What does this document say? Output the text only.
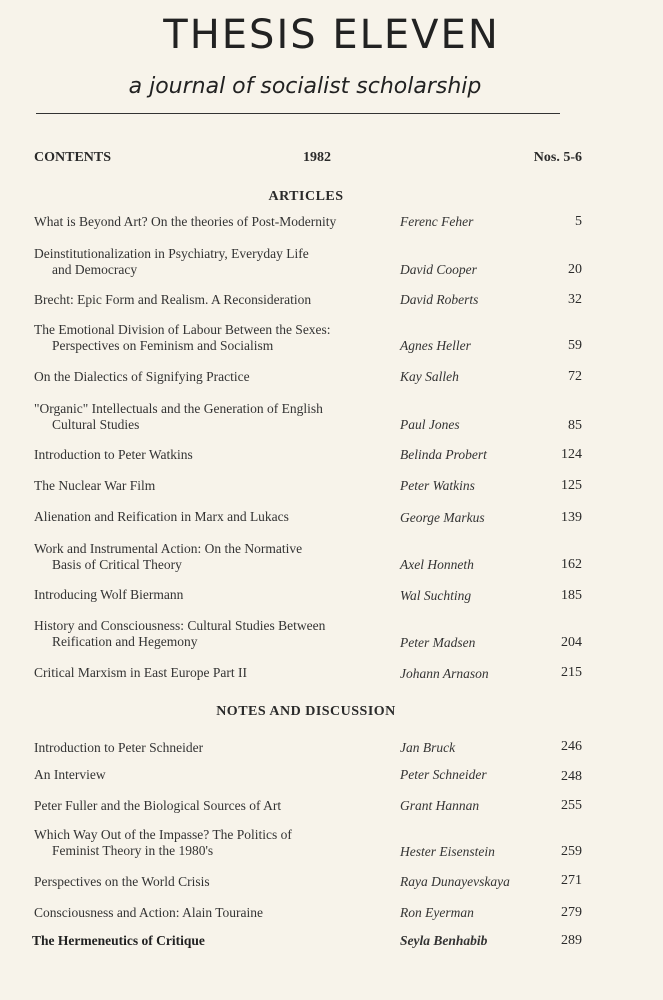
THESIS ELEVEN
a journal of socialist scholarship
CONTENTS	1982	Nos. 5-6
ARTICLES
What is Beyond Art? On the theories of Post-Modernity	Ferenc Feher	5
Deinstitutionalization in Psychiatry, Everyday Life
and Democracy	David Cooper	20
Brecht: Epic Form and Realism. A Reconsideration	David Roberts	32
The Emotional Division of Labour Between the Sexes:
Perspectives on Feminism and Socialism	Agnes Heller	59
On the Dialectics of Signifying Practice	Kay Salleh	72
"Organic" Intellectuals and the Generation of English
Cultural Studies	Paul Jones	85
Introduction to Peter Watkins	Belinda Probert	124
The Nuclear War Film	Peter Watkins	125
Alienation and Reification in Marx and Lukacs	George Markus	139
Work and Instrumental Action: On the Normative
Basis of Critical Theory	Axel Honneth	162
Introducing Wolf Biermann	Wal Suchting	185
History and Consciousness: Cultural Studies Between
Reification and Hegemony	Peter Madsen	204
Critical Marxism in East Europe Part II	Johann Arnason	215
NOTES AND DISCUSSION
Introduction to Peter Schneider	Jan Bruck	246
An Interview	Peter Schneider	248
Peter Fuller and the Biological Sources of Art	Grant Hannan	255
Which Way Out of the Impasse? The Politics of
Feminist Theory in the 1980's	Hester Eisenstein	259
Perspectives on the World Crisis	Raya Dunayevskaya	271
Consciousness and Action: Alain Touraine	Ron Eyerman	279
The Hermeneutics of Critique	Seyla Benhabib	289
